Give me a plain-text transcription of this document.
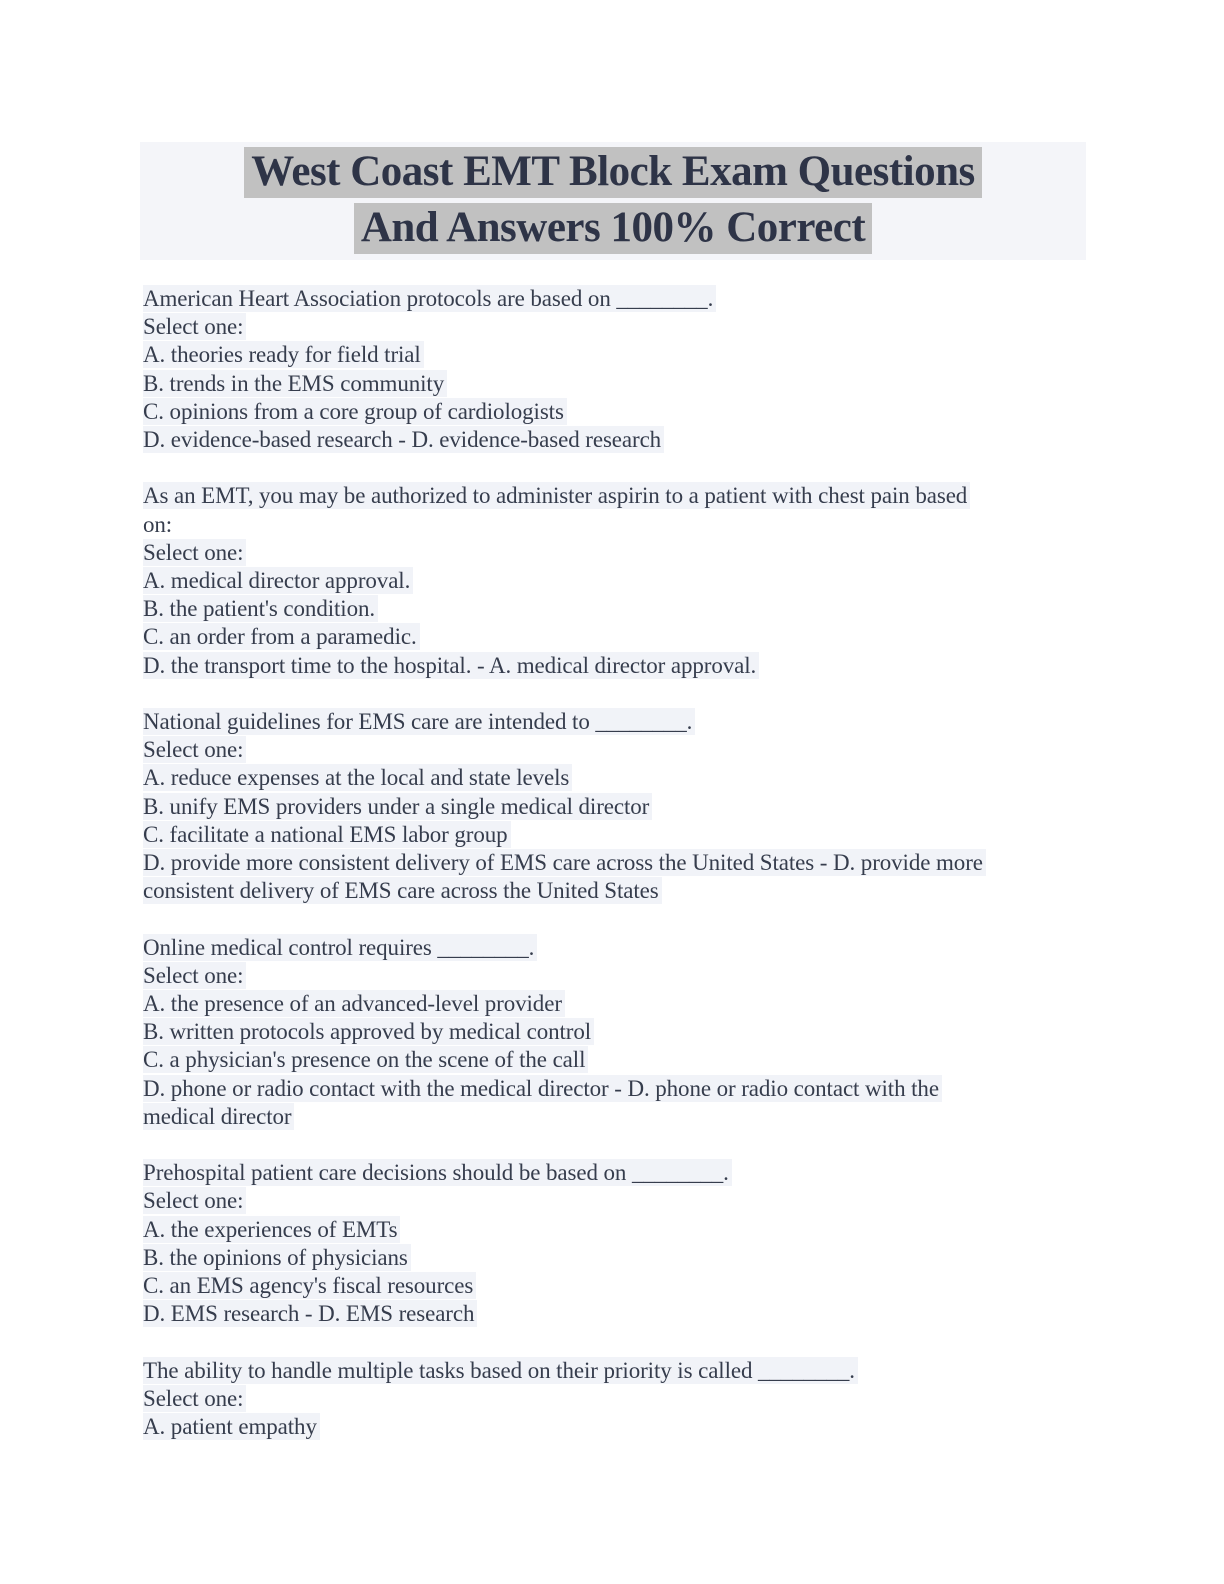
West Coast EMT Block Exam Questions
And Answers 100% Correct
American Heart Association protocols are based on ________.
Select one:
A. theories ready for field trial
B. trends in the EMS community
C. opinions from a core group of cardiologists
D. evidence-based research - D. evidence-based research
As an EMT, you may be authorized to administer aspirin to a patient with chest pain based
on:
Select one:
A. medical director approval.
B. the patient's condition.
C. an order from a paramedic.
D. the transport time to the hospital. - A. medical director approval.
National guidelines for EMS care are intended to ________.
Select one:
A. reduce expenses at the local and state levels
B. unify EMS providers under a single medical director
C. facilitate a national EMS labor group
D. provide more consistent delivery of EMS care across the United States - D. provide more
consistent delivery of EMS care across the United States
Online medical control requires ________.
Select one:
A. the presence of an advanced-level provider
B. written protocols approved by medical control
C. a physician's presence on the scene of the call
D. phone or radio contact with the medical director - D. phone or radio contact with the
medical director
Prehospital patient care decisions should be based on ________.
Select one:
A. the experiences of EMTs
B. the opinions of physicians
C. an EMS agency's fiscal resources
D. EMS research - D. EMS research
The ability to handle multiple tasks based on their priority is called ________.
Select one:
A. patient empathy
